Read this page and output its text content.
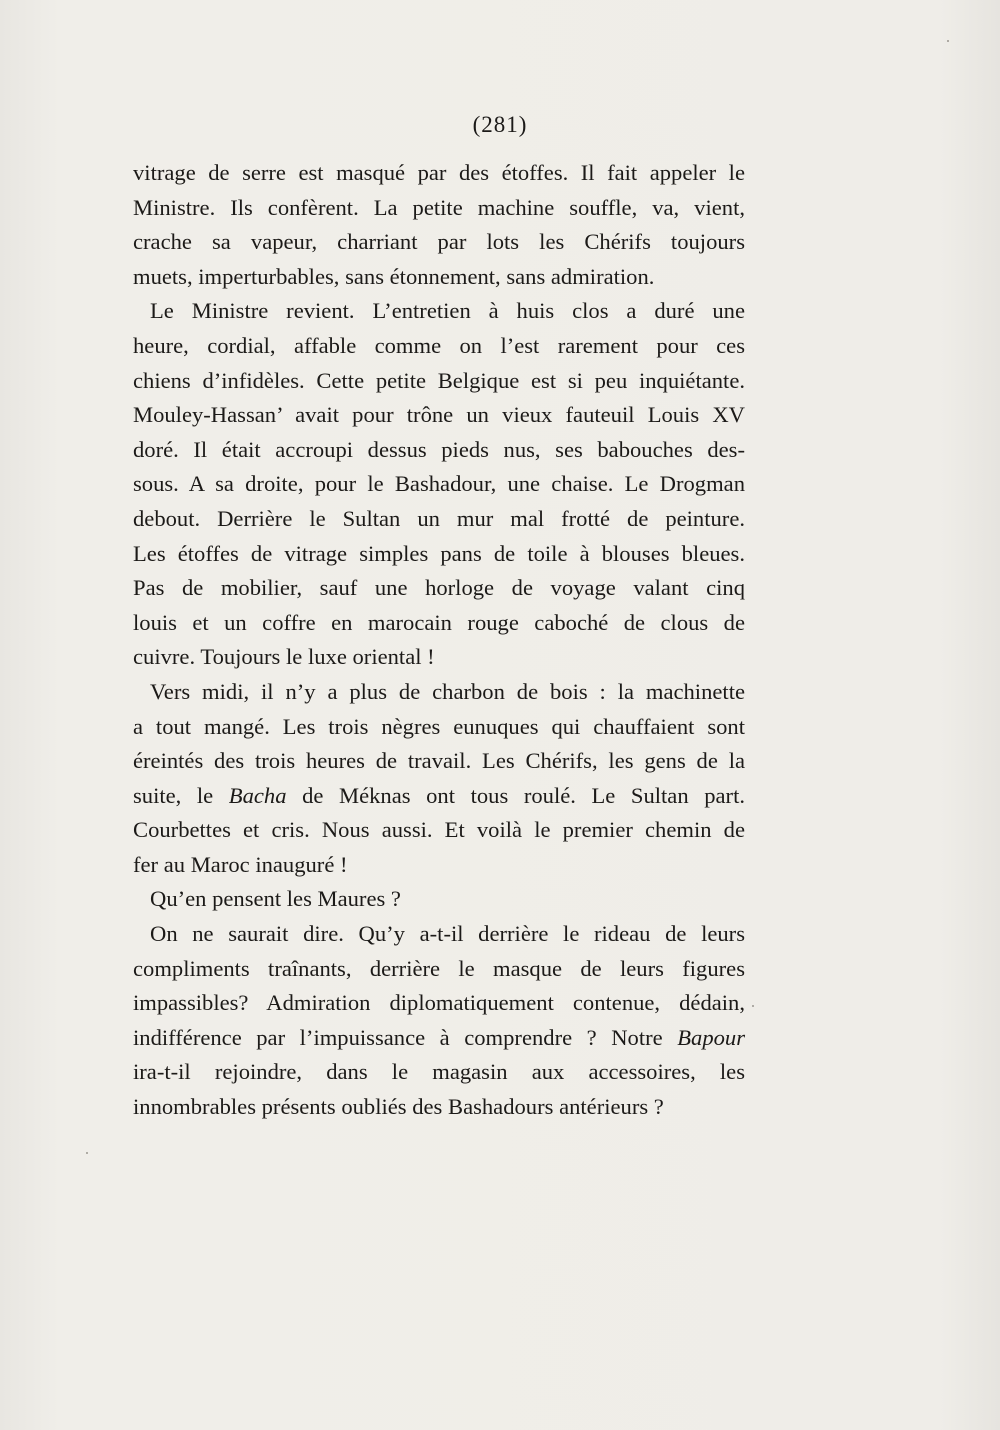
(281)
vitrage de serre est masqué par des étoffes. Il fait appeler le
Ministre. Ils confèrent. La petite machine souffle, va, vient,
crache sa vapeur, charriant par lots les Chérifs toujours
muets, imperturbables, sans étonnement, sans admiration.
Le Ministre revient. L’entretien à huis clos a duré une
heure, cordial, affable comme on l’est rarement pour ces
chiens d’infidèles. Cette petite Belgique est si peu inquiétante.
Mouley-Hassan’ avait pour trône un vieux fauteuil Louis XV
doré. Il était accroupi dessus pieds nus, ses babouches des-
sous. A sa droite, pour le Bashadour, une chaise. Le Drogman
debout. Derrière le Sultan un mur mal frotté de peinture.
Les étoffes de vitrage simples pans de toile à blouses bleues.
Pas de mobilier, sauf une horloge de voyage valant cinq
louis et un coffre en marocain rouge caboché de clous de
cuivre. Toujours le luxe oriental !
Vers midi, il n’y a plus de charbon de bois : la machinette
a tout mangé. Les trois nègres eunuques qui chauffaient sont
éreintés des trois heures de travail. Les Chérifs, les gens de la
suite, le Bacha de Méknas ont tous roulé. Le Sultan part.
Courbettes et cris. Nous aussi. Et voilà le premier chemin de
fer au Maroc inauguré !
Qu’en pensent les Maures ?
On ne saurait dire. Qu’y a-t-il derrière le rideau de leurs
compliments traînants, derrière le masque de leurs figures
impassibles? Admiration diplomatiquement contenue, dédain,
indifférence par l’impuissance à comprendre ? Notre Bapour
ira-t-il rejoindre, dans le magasin aux accessoires, les
innombrables présents oubliés des Bashadours antérieurs ?
